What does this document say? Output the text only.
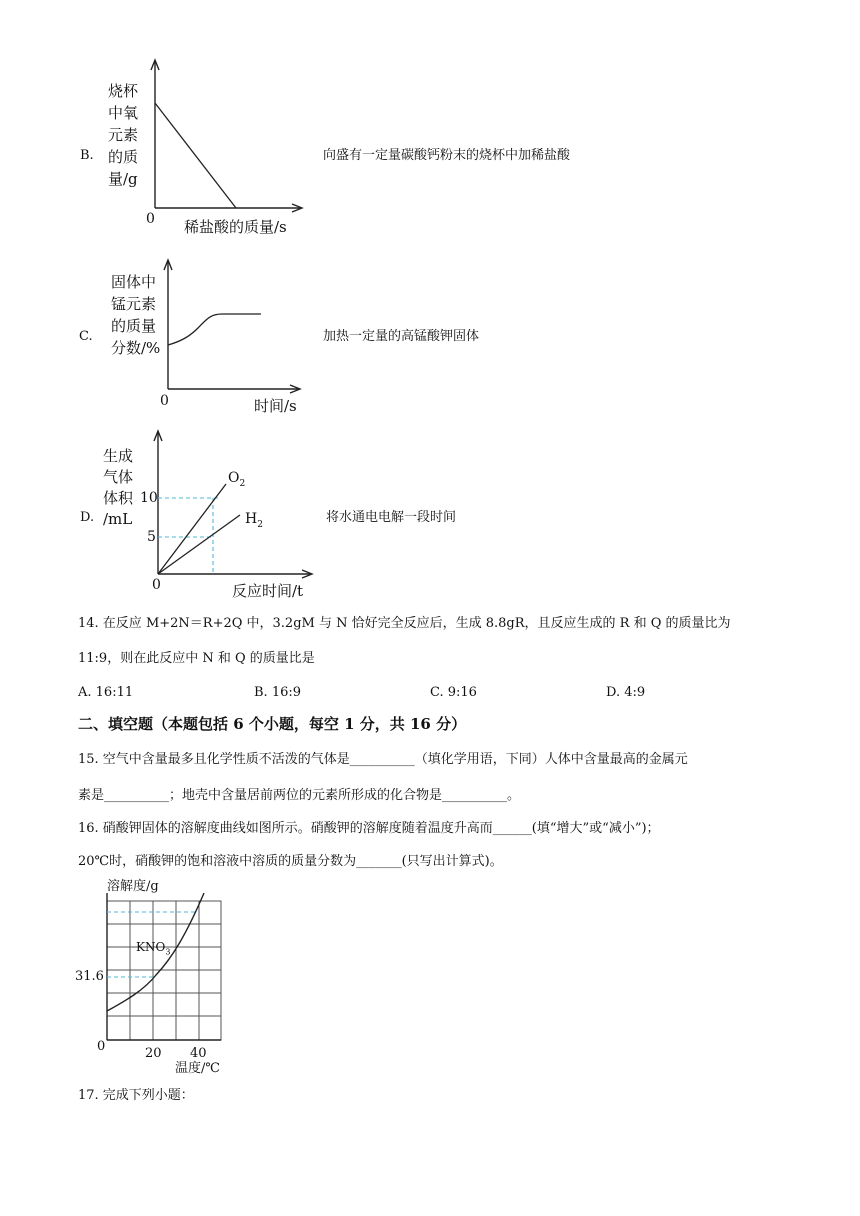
B.
烧杯
中氧
元素
的质
量/g
0 稀盐酸的质量/s
向盛有一定量碳酸钙粉末的烧杯中加稀盐酸
C.
固体中
锰元素
的质量
分数/%
0	时间/s
加热一定量的高锰酸钾固体
D.
生成
气体
体积
/mL
10
5
0
$O_2$
$H_2$
反应时间/t
将水通电电解一段时间
14. 在反应 M+2N＝R+2Q 中，3.2gM 与 N 恰好完全反应后，生成 8.8gR，且反应生成的 R 和 Q 的质量比为
11:9，则在此反应中 N 和 Q 的质量比是
A. 16:11	B. 16:9	C. 9:16	D. 4:9
二、填空题（本题包括 6 个小题，每空 1 分，共 16 分）
15. 空气中含量最多且化学性质不活泼的气体是__________（填化学用语，下同）人体中含量最高的金属元
素是__________；地壳中含量居前两位的元素所形成的化合物是__________。
16. 硝酸钾固体的溶解度曲线如图所示。硝酸钾的溶解度随着温度升高而______(填“增大”或“减小”)；
20℃时，硝酸钾的饱和溶液中溶质的质量分数为_______(只写出计算式)。
溶解度/g
$KNO_3$
31.6
0	20 40
温度/℃
17. 完成下列小题：
